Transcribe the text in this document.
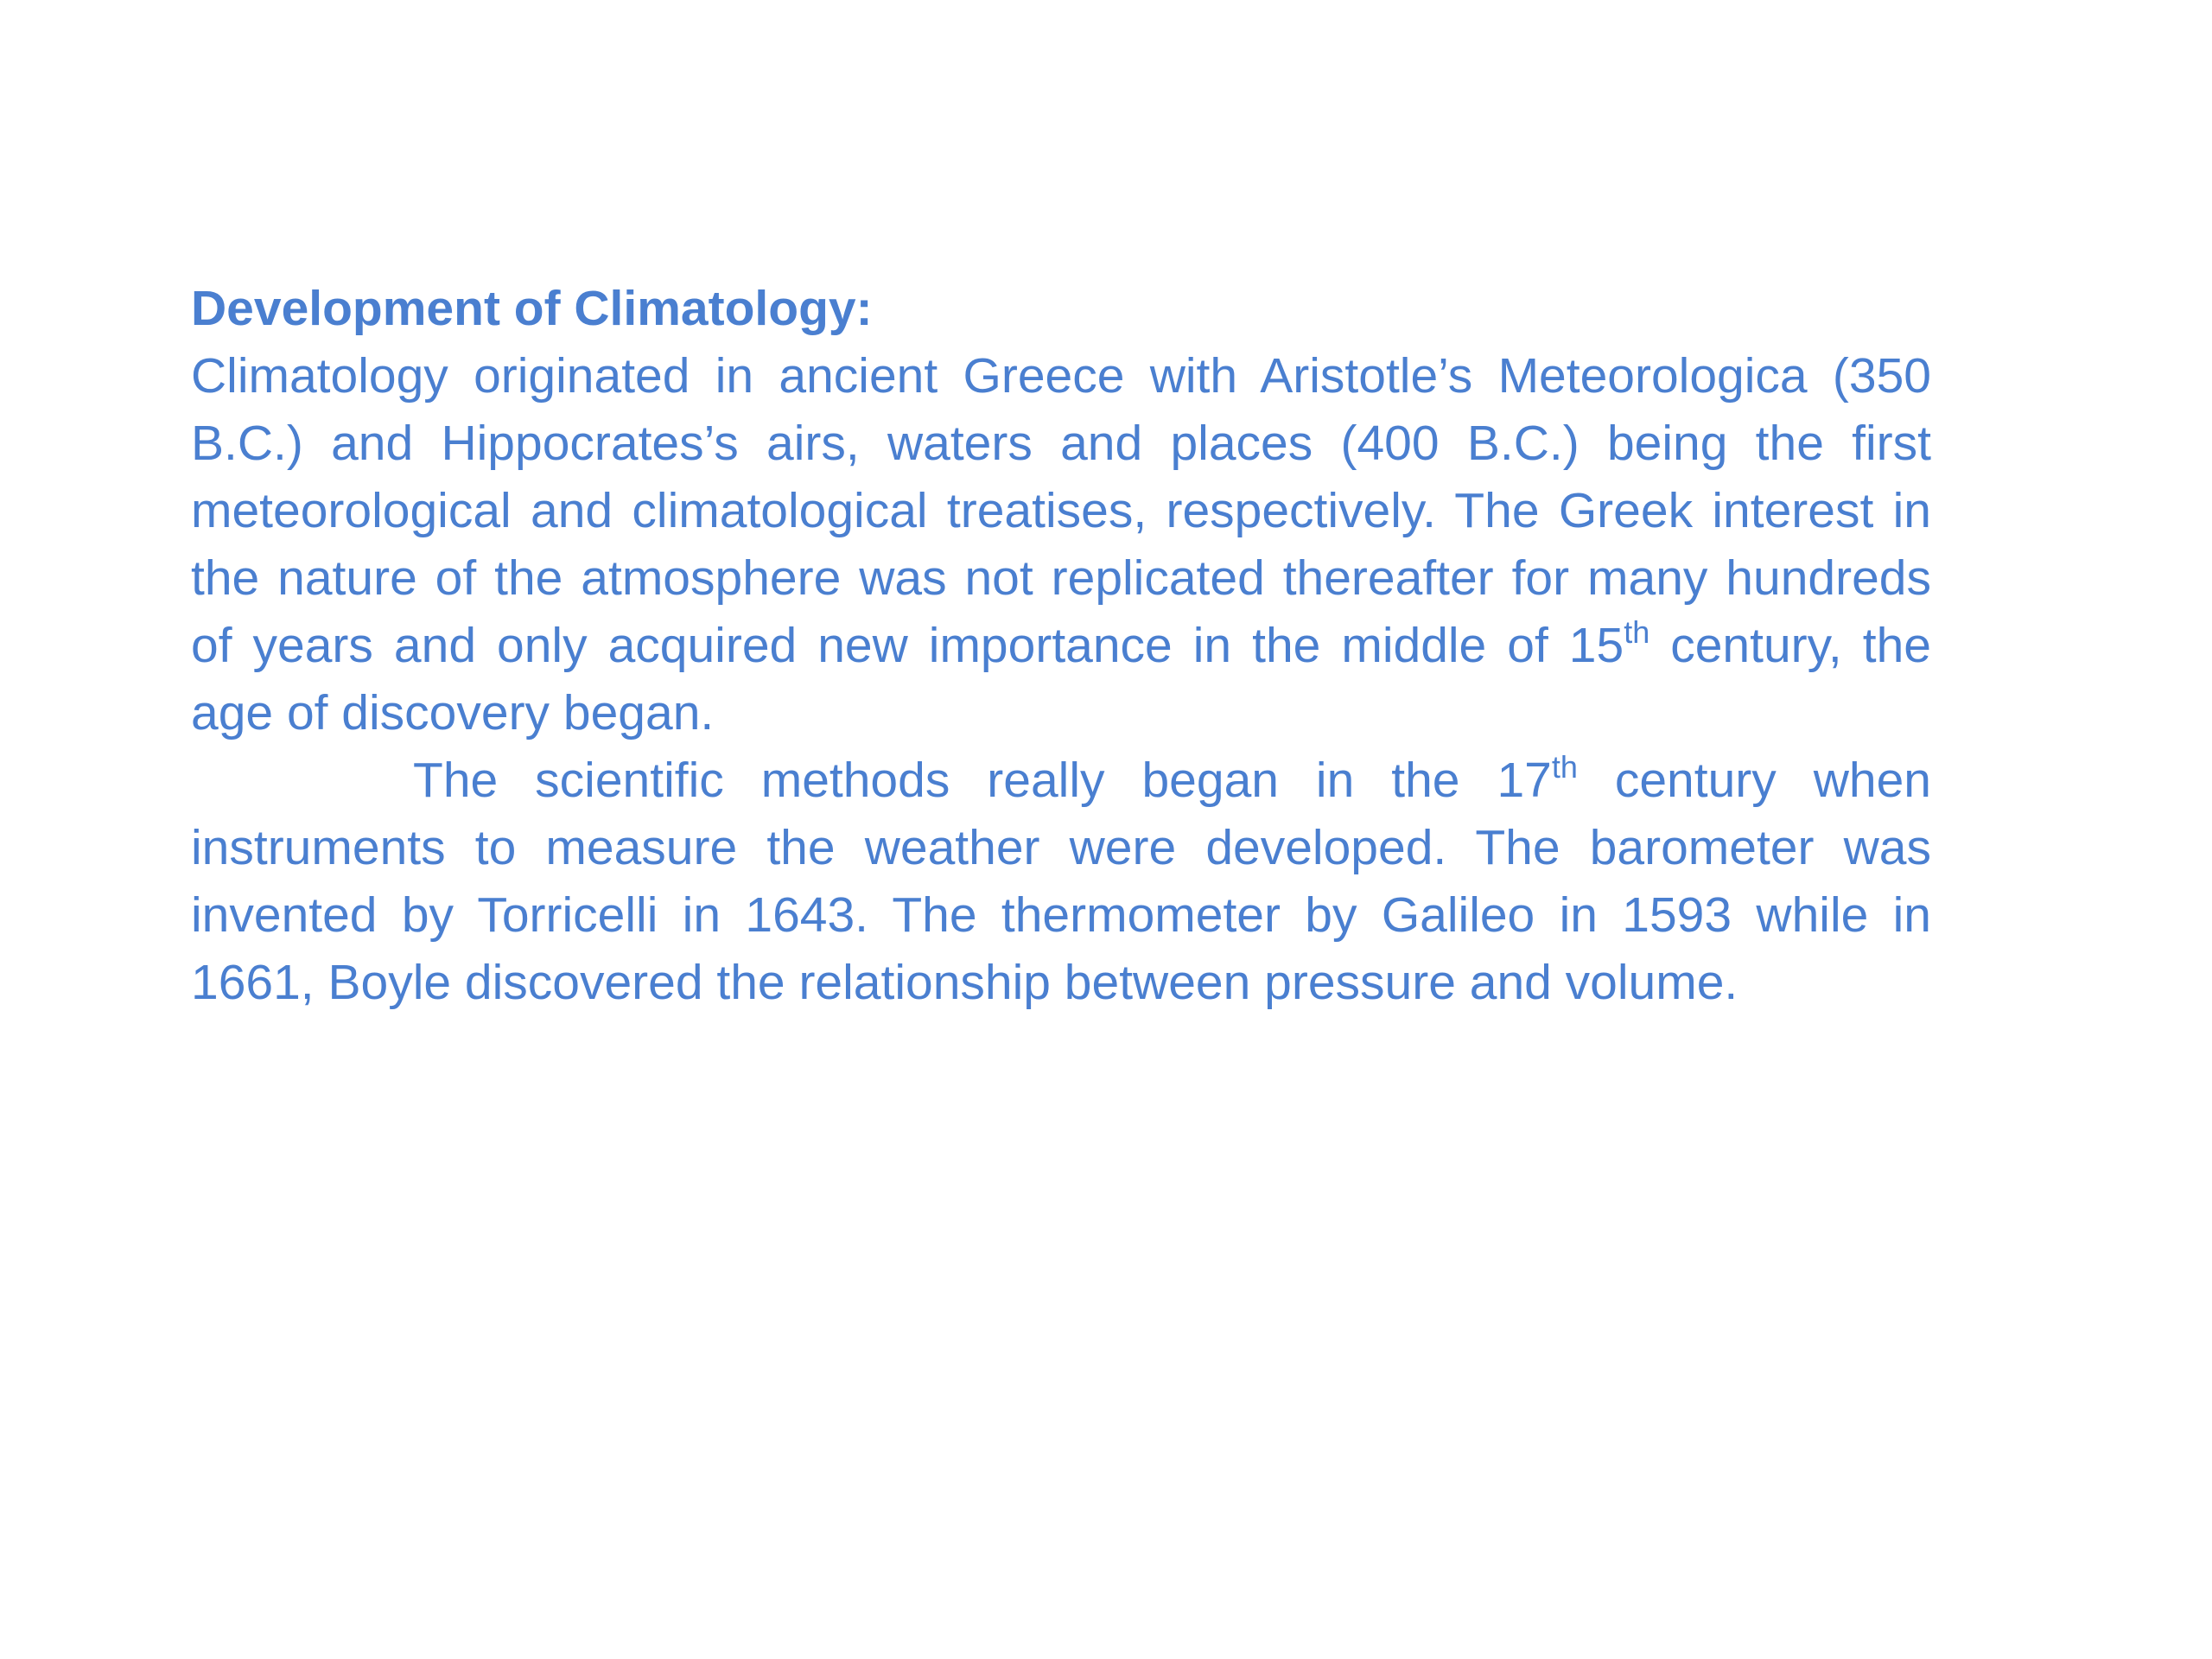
Development of Climatology:

Climatology originated in ancient Greece with Aristotle’s Meteorologica (350 B.C.) and Hippocrates’s airs, waters and places (400 B.C.) being the first meteorological and climatological treatises, respectively. The Greek interest in the nature of the atmosphere was not replicated thereafter for many hundreds of years and only acquired new importance in the middle of 15th century, the age of discovery began.

The scientific methods really began in the 17th century when instruments to measure the weather were developed. The barometer was invented by Torricelli in 1643. The thermometer by Galileo in 1593 while in 1661, Boyle discovered the relationship between pressure and volume.
